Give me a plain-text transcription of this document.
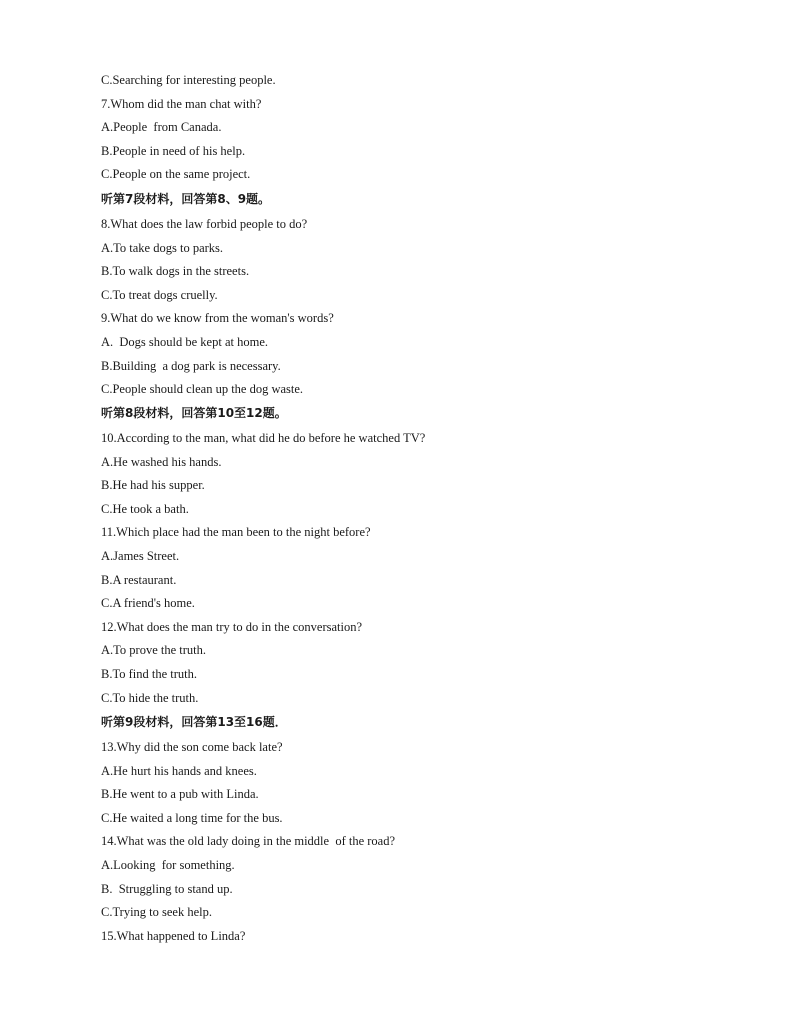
C.Searching for interesting people.
7.Whom did the man chat with?
A.People  from Canada.
B.People in need of his help.
C.People on the same project.
听第7段材料，回答第8、9题。
8.What does the law forbid people to do?
A.To take dogs to parks.
B.To walk dogs in the streets.
C.To treat dogs cruelly.
9.What do we know from the woman's words?
A.  Dogs should be kept at home.
B.Building  a dog park is necessary.
C.People should clean up the dog waste.
听第8段材料，回答第10至12题。
10.According to the man, what did he do before he watched TV?
A.He washed his hands.
B.He had his supper.
C.He took a bath.
11.Which place had the man been to the night before?
A.James Street.
B.A restaurant.
C.A friend's home.
12.What does the man try to do in the conversation?
A.To prove the truth.
B.To find the truth.
C.To hide the truth.
听第9段材料，回答第13至16题．
13.Why did the son come back late?
A.He hurt his hands and knees.
B.He went to a pub with Linda.
C.He waited a long time for the bus.
14.What was the old lady doing in the middle  of the road?
A.Looking  for something.
B.  Struggling to stand up.
C.Trying to seek help.
15.What happened to Linda?
